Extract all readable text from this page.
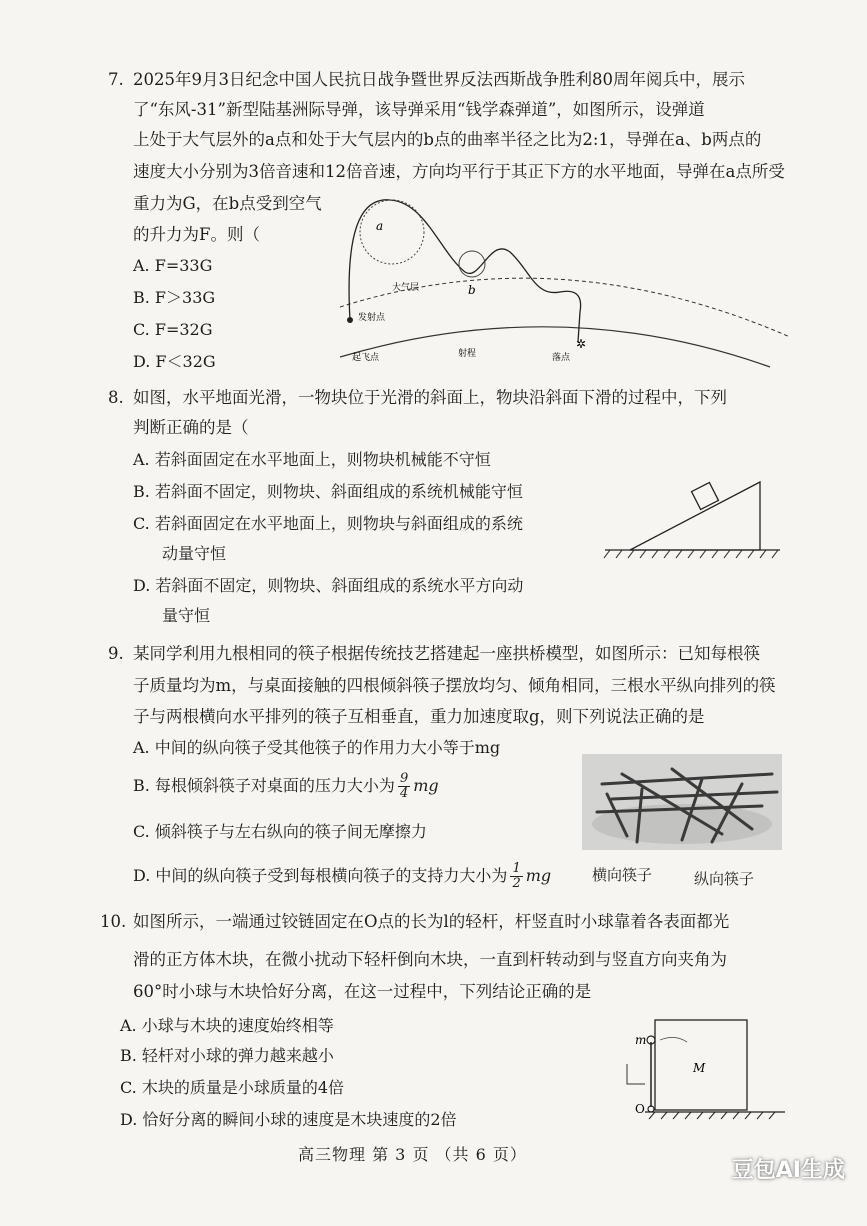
7. 2025年9月3日纪念中国人民抗日战争暨世界反法西斯战争胜利80周年阅兵中，展示
了“东风-31”新型陆基洲际导弹，该导弹采用“钱学森弹道”，如图所示，设弹道
上处于大气层外的a点和处于大气层内的b点的曲率半径之比为2:1，导弹在a、b两点的
速度大小分别为3倍音速和12倍音速，方向均平行于其正下方的水平地面，导弹在a点所受
重力为G，在b点受到空气
的升力为F。则（
A. F=33G
B. F＞33G
C. F=32G
D. F＜32G
a
b
大气层
发射点
起飞点	射程	落点
✲
8. 如图，水平地面光滑，一物块位于光滑的斜面上，物块沿斜面下滑的过程中，下列
判断正确的是（
A. 若斜面固定在水平地面上，则物块机械能不守恒
B. 若斜面不固定，则物块、斜面组成的系统机械能守恒
C. 若斜面固定在水平地面上，则物块与斜面组成的系统
动量守恒
D. 若斜面不固定，则物块、斜面组成的系统水平方向动
量守恒
9. 某同学利用九根相同的筷子根据传统技艺搭建起一座拱桥模型，如图所示：已知每根筷
子质量均为m，与桌面接触的四根倾斜筷子摆放均匀、倾角相同，三根水平纵向排列的筷
子与两根横向水平排列的筷子互相垂直，重力加速度取g，则下列说法正确的是
A. 中间的纵向筷子受其他筷子的作用力大小等于mg
B. 每根倾斜筷子对桌面的压力大小为 $\frac{9}{4}$ mg
C. 倾斜筷子与左右纵向的筷子间无摩擦力
D. 中间的纵向筷子受到每根横向筷子的支持力大小为 $\frac{1}{2}$ mg	横向筷子	纵向筷子
10. 如图所示，一端通过铰链固定在O点的长为l的轻杆，杆竖直时小球靠着各表面都光
滑的正方体木块，在微小扰动下轻杆倒向木块，一直到杆转动到与竖直方向夹角为
60°时小球与木块恰好分离，在这一过程中，下列结论正确的是
A. 小球与木块的速度始终相等
B. 轻杆对小球的弹力越来越小
C. 木块的质量是小球质量的4倍
D. 恰好分离的瞬间小球的速度是木块速度的2倍
m
M
O
高三物理 第 3 页 （共 6 页）
豆包AI生成
